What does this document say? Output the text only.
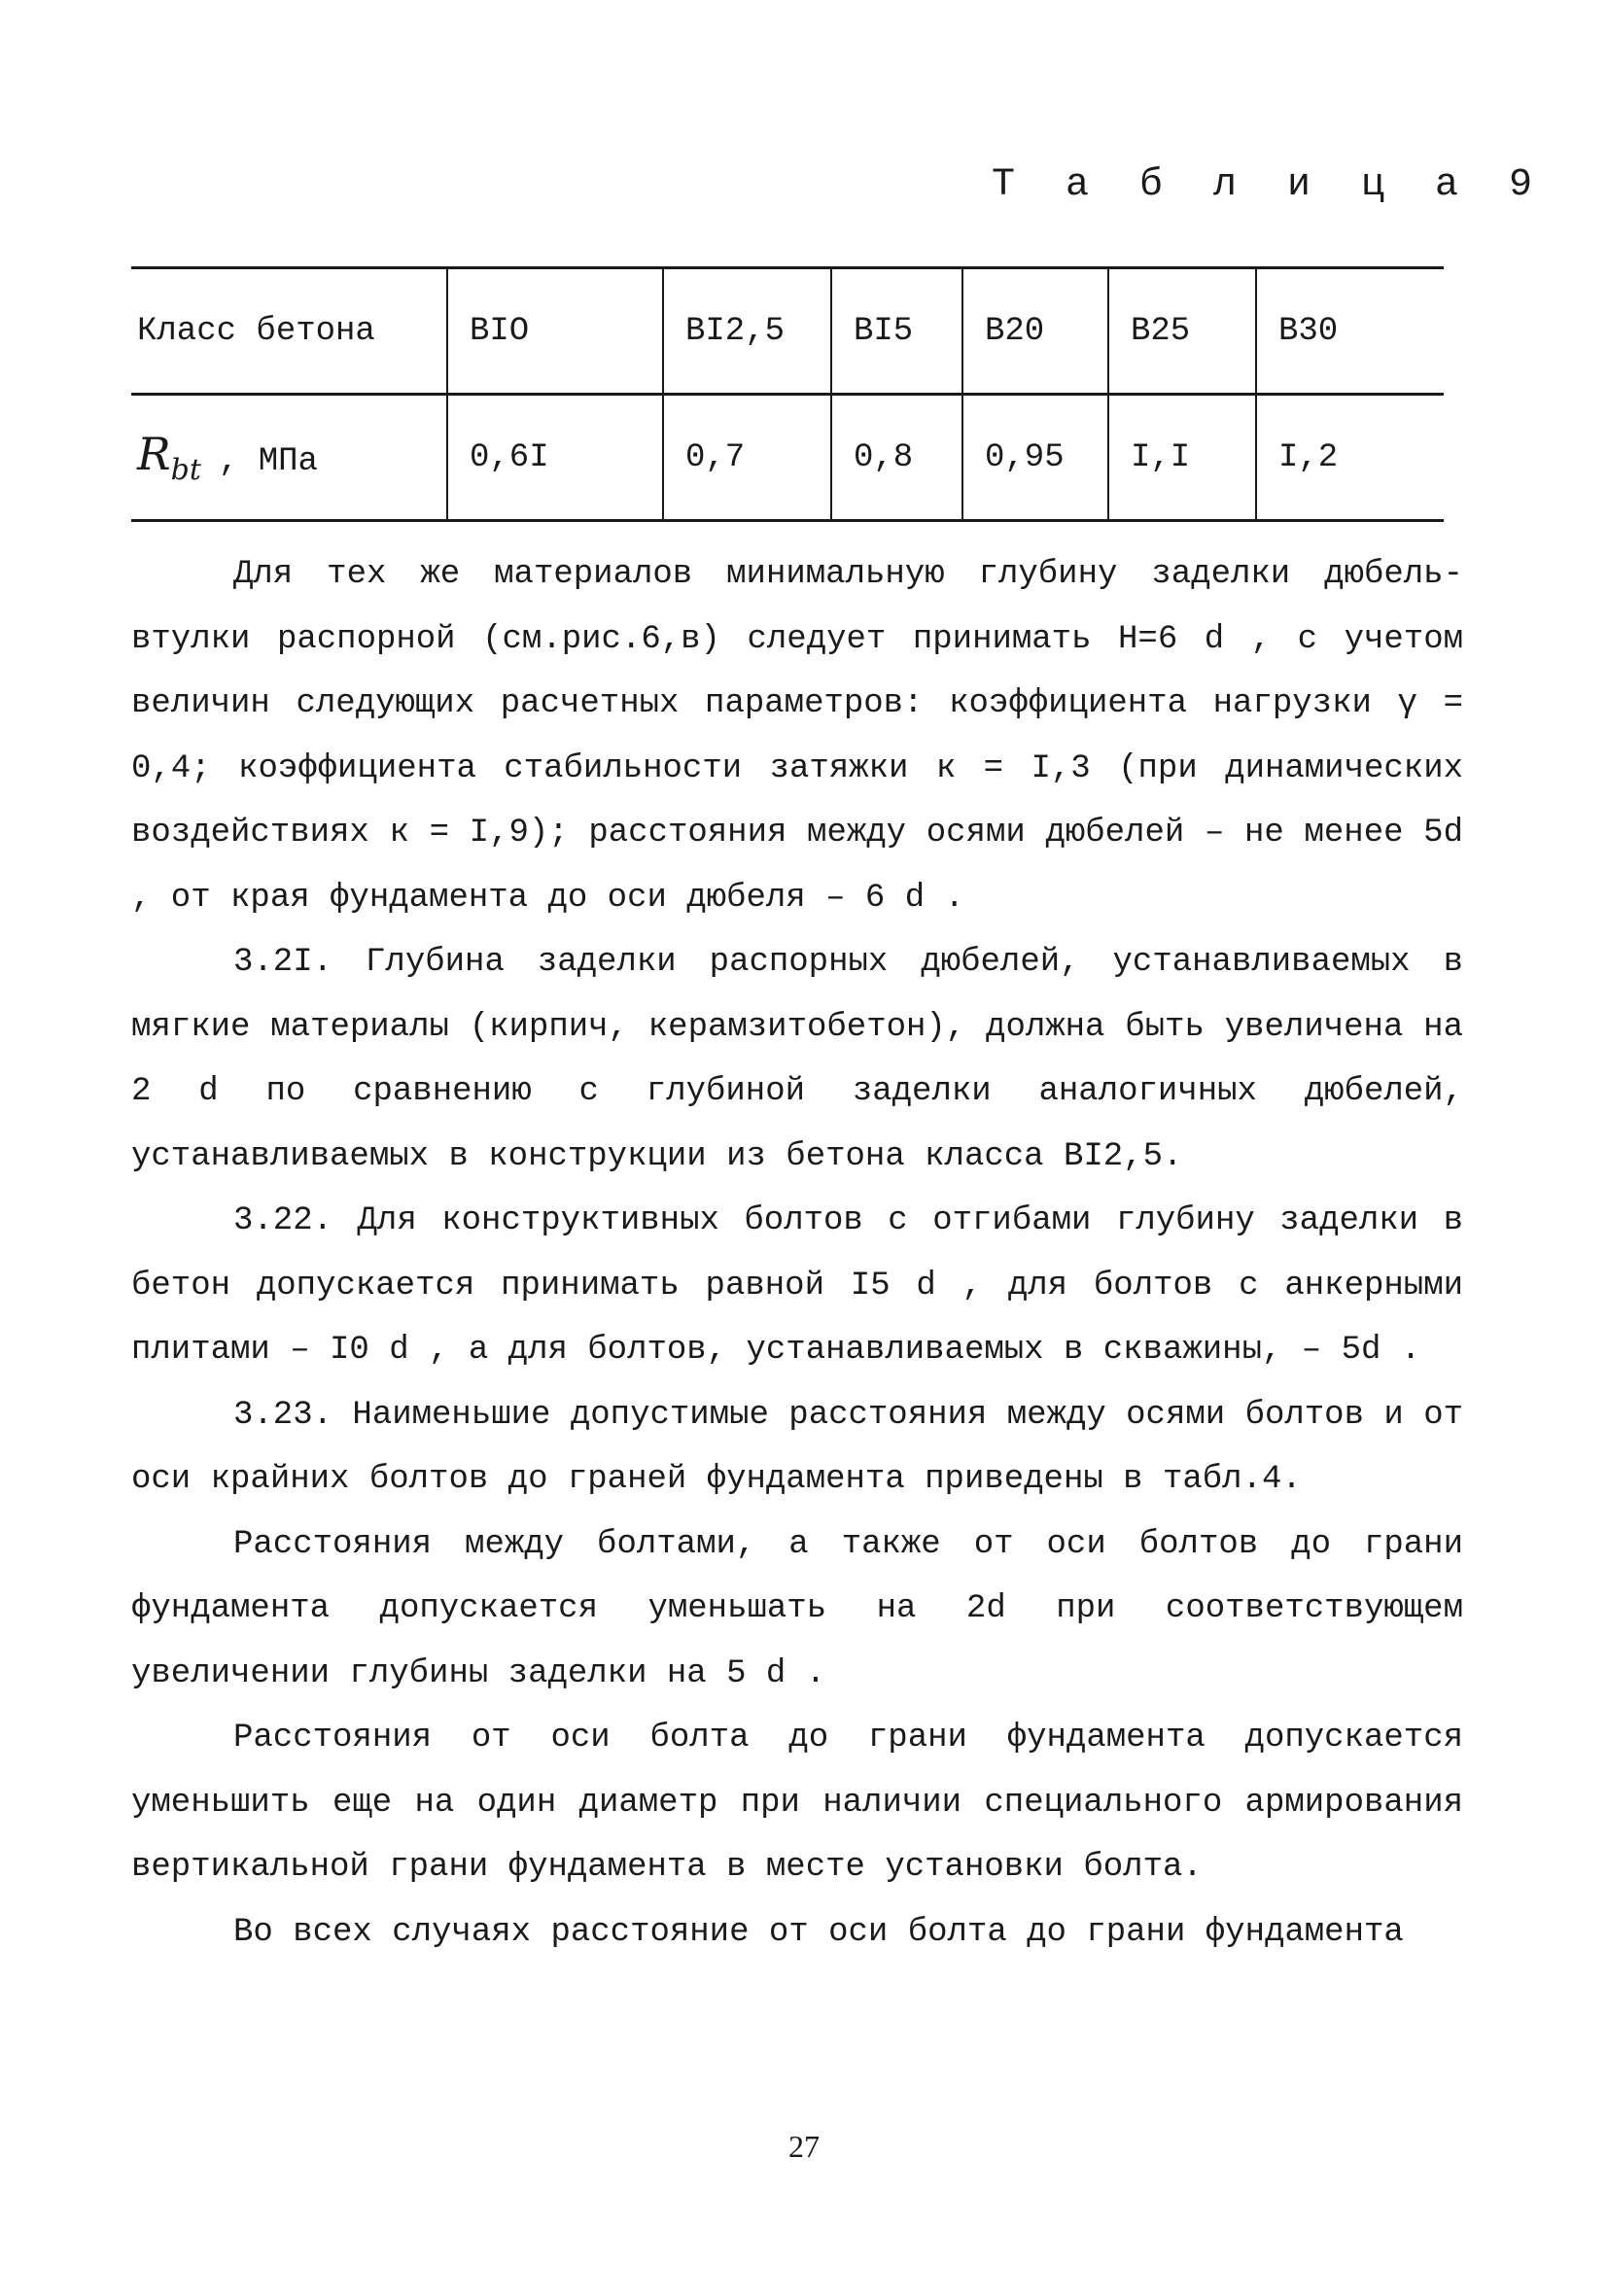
Т а б л и ц а 9
Класс бетона	BIO	BI2,5	BI5	B20	B25	B30
$R_{bt}$ , МПа	0,6I	0,7	0,8	0,95	I,I	I,2

Для тех же материалов минимальную глубину заделки дюбель-втулки распорной (см.рис.6,в) следует принимать Н=6 d , с учетом величин следующих расчетных параметров: коэффициента нагрузки γ = 0,4; коэффициента стабильности затяжки к = I,3 (при динамических воздействиях к = I,9); расстояния между осями дюбелей – не менее 5d , от края фундамента до оси дюбеля – 6 d .

3.2I. Глубина заделки распорных дюбелей, устанавливаемых в мягкие материалы (кирпич, керамзитобетон), должна быть увеличена на 2 d по сравнению с глубиной заделки аналогичных дюбелей, устанавливаемых в конструкции из бетона класса BI2,5.

3.22. Для конструктивных болтов с отгибами глубину заделки в бетон допускается принимать равной I5 d , для болтов с анкерными плитами – I0 d , а для болтов, устанавливаемых в скважины, – 5d .

3.23. Наименьшие допустимые расстояния между осями болтов и от оси крайних болтов до граней фундамента приведены в табл.4.

Расстояния между болтами, а также от оси болтов до грани фундамента допускается уменьшать на 2d при соответствующем увеличении глубины заделки на 5 d .

Расстояния от оси болта до грани фундамента допускается уменьшить еще на один диаметр при наличии специального армирования вертикальной грани фундамента в месте установки болта.

Во всех случаях расстояние от оси болта до грани фундамента

27
